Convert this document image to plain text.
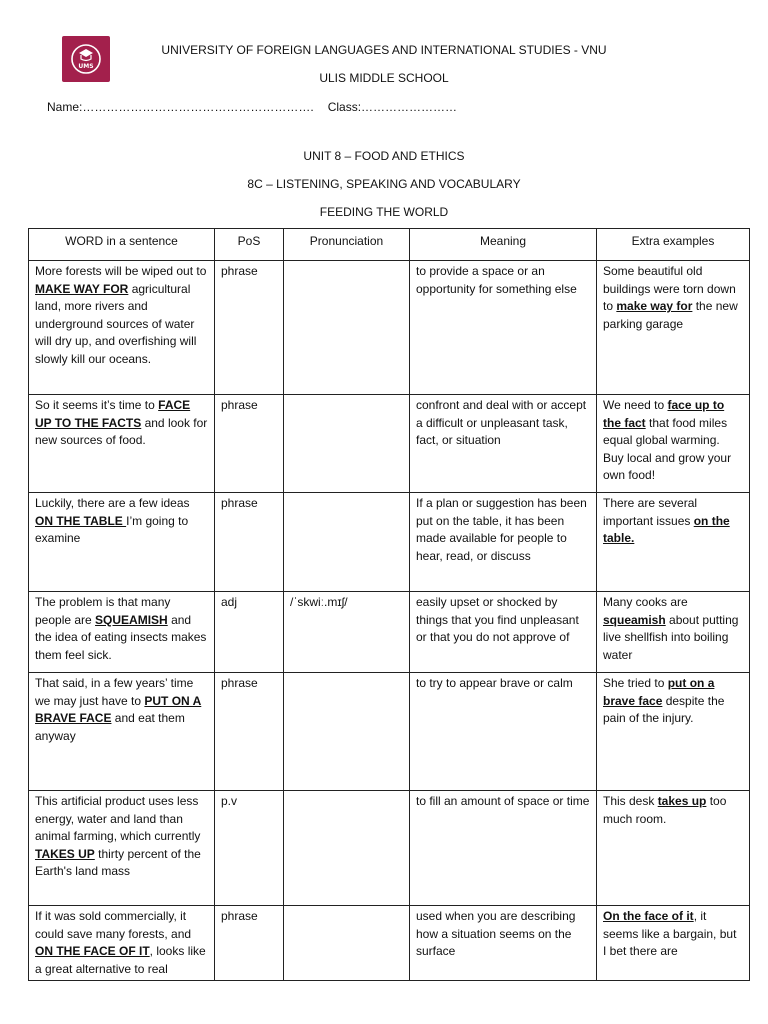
UMS
UNIVERSITY OF FOREIGN LANGUAGES AND INTERNATIONAL STUDIES - VNU
ULIS MIDDLE SCHOOL
Name:…………………………………………………. Class:……………………
UNIT 8 – FOOD AND ETHICS
8C – LISTENING, SPEAKING AND VOCABULARY
FEEDING THE WORLD
WORD in a sentence	PoS	Pronunciation	Meaning	Extra examples
More forests will be wiped out to MAKE WAY FOR agricultural land, more rivers and underground sources of water will dry up, and overfishing will slowly kill our oceans.	phrase		to provide a space or an opportunity for something else	Some beautiful old buildings were torn down to make way for the new parking garage
So it seems it’s time to FACE UP TO THE FACTS and look for new sources of food.	phrase		confront and deal with or accept a difficult or unpleasant task, fact, or situation	We need to face up to the fact that food miles equal global warming. Buy local and grow your own food!
Luckily, there are a few ideas ON THE TABLE I’m going to examine	phrase		If a plan or suggestion has been put on the table, it has been made available for people to hear, read, or discuss	There are several important issues on the table.
The problem is that many people are SQUEAMISH and the idea of eating insects makes them feel sick.	adj	/ˈskwiː.mɪʃ/	easily upset or shocked by things that you find unpleasant or that you do not approve of	Many cooks are squeamish about putting live shellfish into boiling water
That said, in a few years’ time we may just have to PUT ON A BRAVE FACE and eat them anyway	phrase		to try to appear brave or calm	She tried to put on a brave face despite the pain of the injury.
This artificial product uses less energy, water and land than animal farming, which currently TAKES UP thirty percent of the Earth's land mass	p.v		to fill an amount of space or time	This desk takes up too much room.
If it was sold commercially, it could save many forests, and ON THE FACE OF IT, looks like a great alternative to real	phrase		used when you are describing how a situation seems on the surface	On the face of it, it seems like a bargain, but I bet there are
